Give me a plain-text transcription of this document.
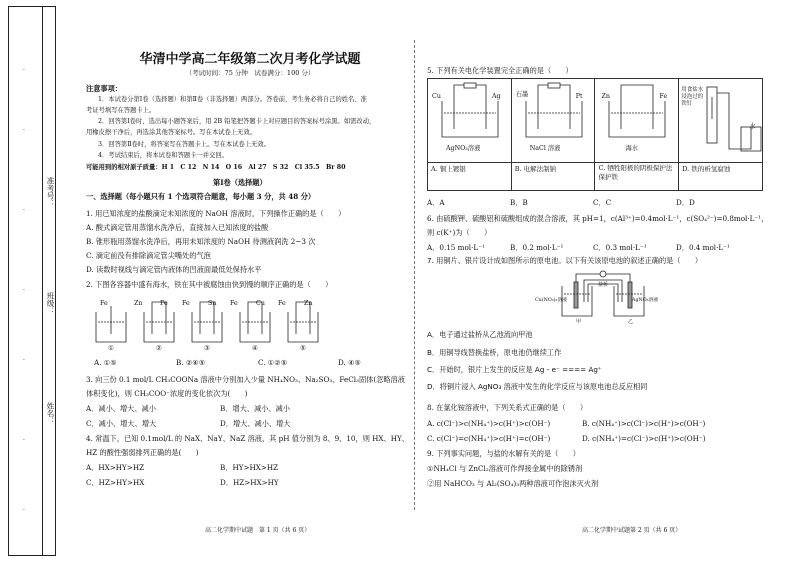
准考号：
班级：
姓名：
·
·
·
·
·
·
·
华清中学高二年级第二次月考化学试题
（考试时间：75 分钟　试卷满分：100 分）
注意事项：
1．本试卷分第Ⅰ卷（选择题）和第Ⅱ卷（非选择题）两部分。答卷前，考生务必将自己的姓名、准
考证号填写在答题卡上。
2．回答第Ⅰ卷时，选出每小题答案后，用 2B 铅笔把答题卡上对应题目的答案标号涂黑。如需改动，
用橡皮擦干净后，再选涂其他答案标号。写在本试卷上无效。
3．回答第Ⅱ卷时，将答案写在答题卡上。写在本试卷上无效。
4．考试结束后，将本试卷和答题卡一并交回。
可能用到的相对原子质量：H 1　C 12　N 14　O 16　Al 27　S 32　Cl 35.5　Br 80
第Ⅰ卷（选择题）
一、选择题（每小题只有 1 个选项符合题意，每小题 3 分，共 48 分）
1. 用已知浓度的盐酸滴定未知浓度的 NaOH 溶液时，下列操作正确的是（　　）
A. 酸式滴定管用蒸馏水洗净后，直接加入已知浓度的盐酸
B. 锥形瓶用蒸馏水洗净后，再用未知浓度的 NaOH 待测液润洗 2~3 次
C. 滴定前没有排除滴定管尖嘴处的气泡
D. 读数时视线与滴定管内液体的凹液面最低处保持水平
2. 下图各容器中盛有海水，铁在其中被腐蚀由快到慢的顺序正确的是（　　）
Fe	Zn	Fe Fe	Sn Fe	Cu Fe	Zn
①	②	③	④	⑤
A. ①⑤	B. ②④⑤	C. ①②⑤	D. ④⑤
3. 向三份 0.1 mol/L CH₃COONa 溶液中分别加入少量 NH₄NO₃、Na₂SO₃、FeCl₃固体(忽略溶液
体积变化)，则 CH₃COO⁻浓度的变化依次为(　　)
A．减小、增大、减小	B．增大、减小、减小
C．减小、增大、增大	D．增大、减小、增大
4. 常温下，已知 0.1mol/L 的 NaX、NaY、NaZ 溶液，其 pH 值分别为 8、9、10，则 HX、HY、
HZ 的酸性强弱排列正确的是(　　)
A．HX>HY>HZ	B．HY>HX>HZ
C．HZ>HY>HX	D．HZ>HX>HY
高二化学期中试题　第 1 页（共 6 页）
5. 下列有关电化学装置完全正确的是（　　）
Cu Ag
AgNO₃溶液	石墨 Pt
NaCl 溶液	Zn Fe
海水	用食盐水浸泡过的铁钉
水

A. 铜上镀银	B. 电解法制钠	C. 牺牲阳极的阴极保护法保护铁	D. 铁的析氢腐蚀
A．A	B．B	C．C	D．D
6. 由硫酸钾、硫酸铝和硫酸组成的混合溶液，其 pH=1，c(Al³⁺)=0.4mol·L⁻¹，c(SO₄²⁻)=0.8mol·L⁻¹，
则 c(K⁺)为（　　）
A．0.15 mol·L⁻¹	B．0.2 mol·L⁻¹	C．0.3 mol·L⁻¹	D．0.4 mol·L⁻¹
7. 用铜片、银片设计成如图所示的原电池。以下有关该原电池的叙述正确的是（　　）
盐桥
Cu(NO₃)₂溶液	AgNO₃溶液
甲	乙
A．电子通过盐桥从乙池流向甲池
B．用铜导线替换盐桥，原电池仍继续工作
C．开始时，银片上发生的反应是 Ag - e⁻ ==== Ag⁺
D．将铜片浸入 AgNO₃ 溶液中发生的化学反应与该原电池总反应相同
8. 在氯化铵溶液中，下列关系式正确的是（　　）
A. c(Cl⁻)>c(NH₄⁺)>c(H⁺)>c(OH⁻)	B. c(NH₄⁺)>c(Cl⁻)>c(H⁺)>c(OH⁻)
C. c(Cl⁻)=c(NH₄⁺)>c(H⁺)=c(OH⁻)	D. c(NH₄⁺)=c(Cl⁻)>c(H⁺)>c(OH⁻)
9. 下列事实问题，与盐的水解有关的是（　　）
①NH₄Cl 与 ZnCl₂溶液可作焊接金属中的除锈剂
②用 NaHCO₃ 与 Al₂(SO₄)₃两种溶液可作泡沫灭火剂
高二化学期中试题第 2 页（共 6 页）
